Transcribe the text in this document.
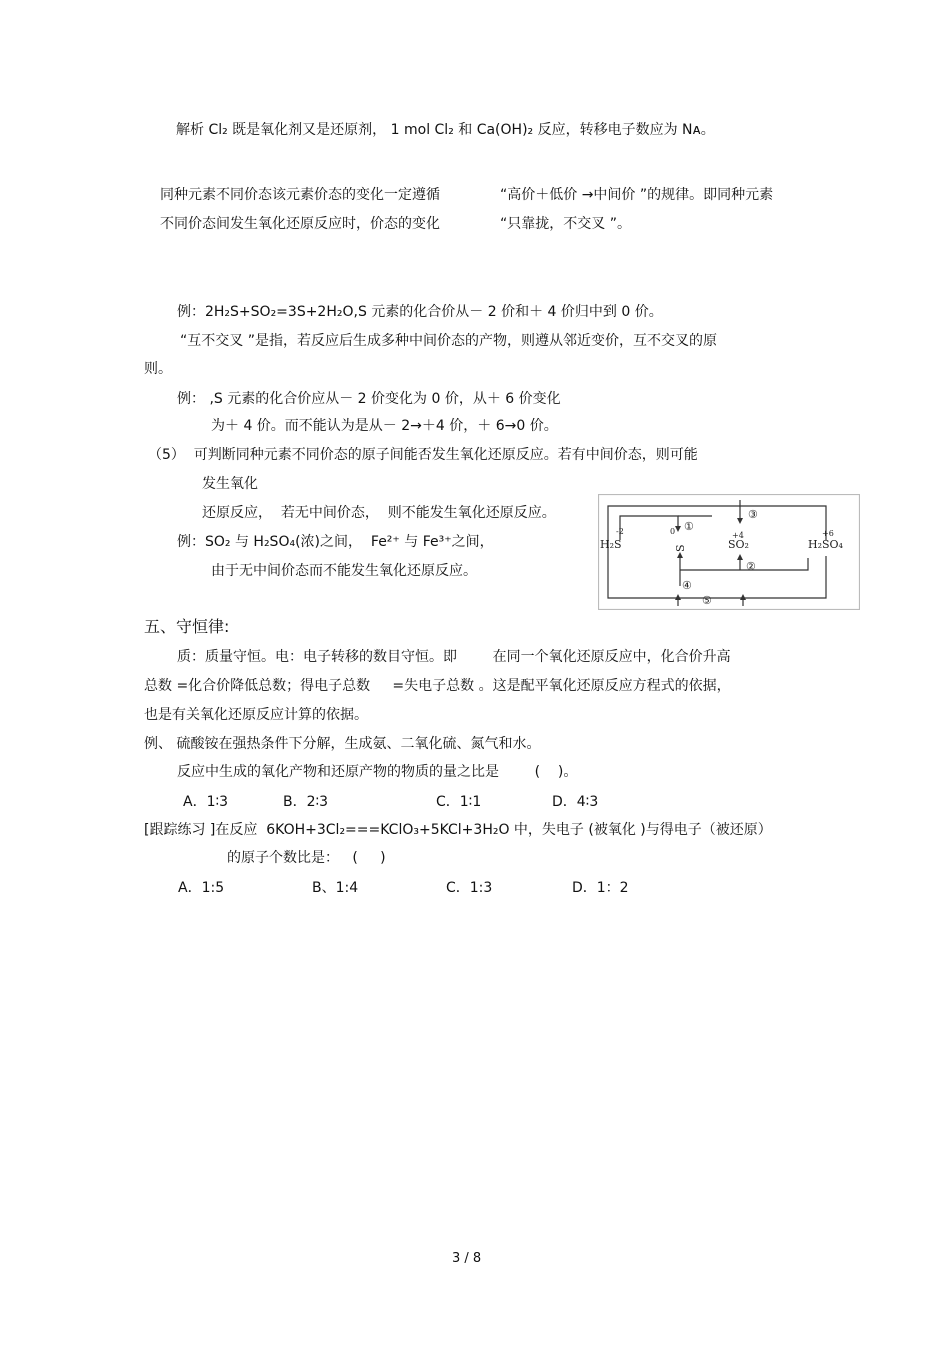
解析 Cl₂ 既是氧化剂又是还原剂， 1 mol Cl₂ 和 Ca(OH)₂ 反应，转移电子数应为 Nᴀ。
同种元素不同价态该元素价态的变化一定遵循	“高价＋低价 →中间价 ”的规律。即同种元素
不同价态间发生氧化还原反应时，价态的变化	“只靠拢，不交叉 ”。
例：2H₂S+SO₂=3S+2H₂O,S 元素的化合价从－ 2 价和＋ 4 价归中到 0 价。
“互不交叉 ”是指，若反应后生成多种中间价态的产物，则遵从邻近变价，互不交叉的原
则。
例： ,S 元素的化合价应从－ 2 价变化为 0 价，从＋ 6 价变化
为＋ 4 价。而不能认为是从－ 2→＋4 价，＋ 6→0 价。
（5）  可判断同种元素不同价态的原子间能否发生氧化还原反应。若有中间价态，则可能
发生氧化
还原反应，  若无中间价态，  则不能发生氧化还原反应。
例：SO₂ 与 H₂SO₄(浓)之间，  Fe²⁺ 与 Fe³⁺之间，
由于无中间价态而不能发生氧化还原反应。
H₂S
-2
S
0
SO₂
+4
H₂SO₄
+6
①
②
③
④
⑤
五、守恒律:
质：质量守恒。电：电子转移的数目守恒。即        在同一个氧化还原反应中，化合价升高
总数 =化合价降低总数；得电子总数     =失电子总数 。这是配平氧化还原反应方程式的依据，
也是有关氧化还原反应计算的依据。
例、 硫酸铵在强热条件下分解，生成氨、二氧化硫、氮气和水。
反应中生成的氧化产物和还原产物的物质的量之比是        (    )。
A．1∶3	B．2∶3	C．1∶1	D．4∶3
[跟踪练习 ]在反应  6KOH+3Cl₂===KClO₃+5KCl+3H₂O 中，失电子 (被氧化 )与得电子（被还原）
的原子个数比是：   (     )
A．1:5	B、1:4	C．1:3	D．1：2
3 / 8
